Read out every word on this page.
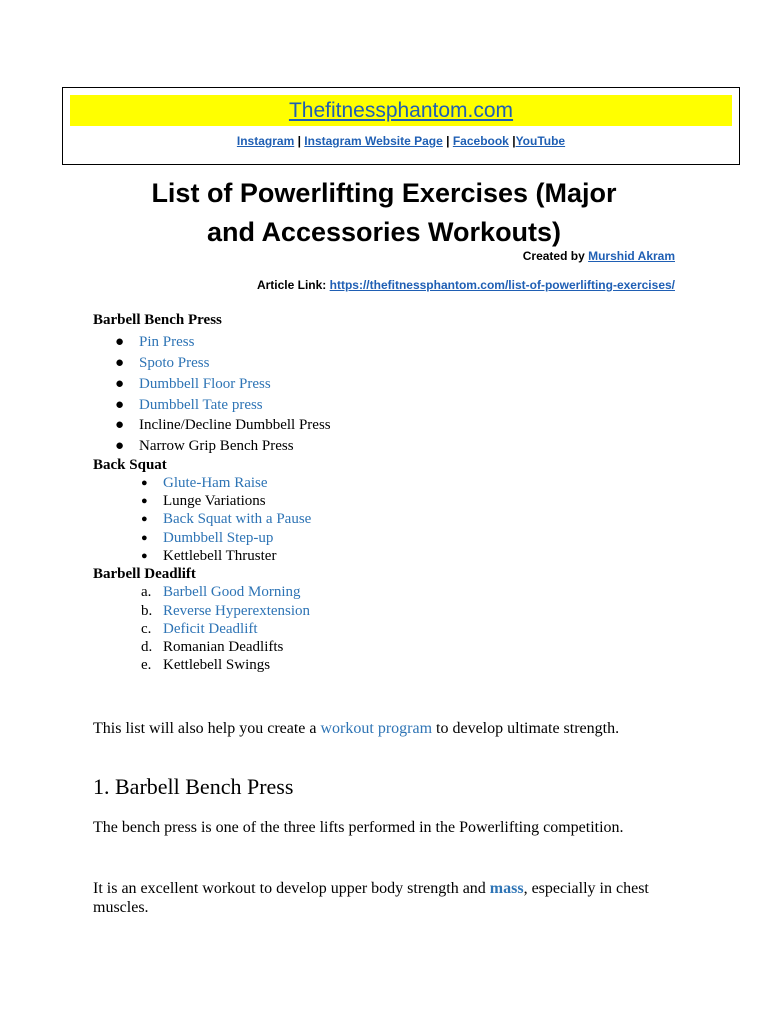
Thefitnessphantom.com
Instagram | Instagram Website Page | Facebook |YouTube
List of Powerlifting Exercises (Major
and Accessories Workouts)
Created by Murshid Akram
Article Link: https://thefitnessphantom.com/list-of-powerlifting-exercises/
Barbell Bench Press
● Pin Press
● Spoto Press
● Dumbbell Floor Press
● Dumbbell Tate press
● Incline/Decline Dumbbell Press
● Narrow Grip Bench Press
Back Squat
● Glute-Ham Raise
● Lunge Variations
● Back Squat with a Pause
● Dumbbell Step-up
● Kettlebell Thruster
Barbell Deadlift
a. Barbell Good Morning
b. Reverse Hyperextension
c. Deficit Deadlift
d. Romanian Deadlifts
e. Kettlebell Swings
This list will also help you create a workout program to develop ultimate strength.
1. Barbell Bench Press
The bench press is one of the three lifts performed in the Powerlifting competition.
It is an excellent workout to develop upper body strength and mass, especially in chest muscles.
